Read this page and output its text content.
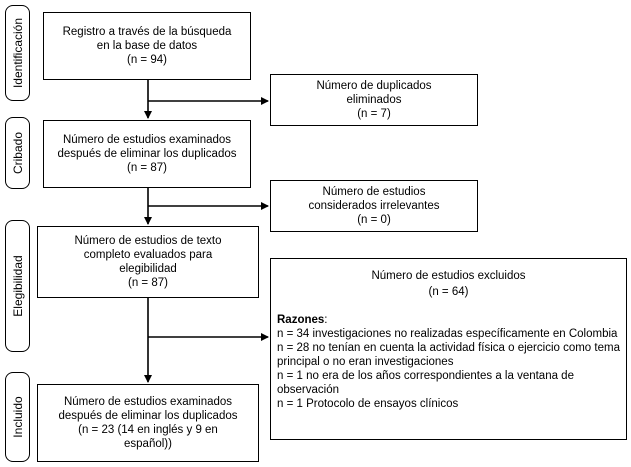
Identificación
Cribado
Elegibilidad
Incluido
Registro a través de la búsqueda
en la base de datos
(n = 94)
Número de estudios examinados
después de eliminar los duplicados
(n = 87)
Número de estudios de texto
completo evaluados para
elegibilidad
(n = 87)
Número de estudios examinados
después de eliminar los duplicados
(n = 23 (14 en inglés y 9 en
español))
Número de duplicados
eliminados
(n = 7)
Número de estudios
considerados irrelevantes
(n = 0)
Número de estudios excluidos
(n = 64)
Razones:
n = 34 investigaciones no realizadas específicamente en Colombia
n = 28 no tenían en cuenta la actividad física o ejercicio como tema principal o no eran investigaciones
n = 1 no era de los años correspondientes a la ventana de observación
n = 1 Protocolo de ensayos clínicos
